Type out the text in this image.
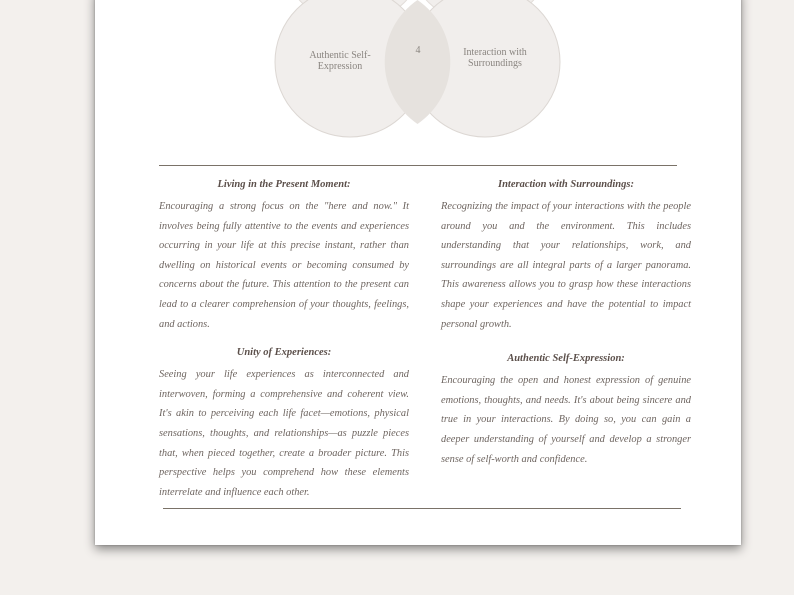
Authentic Self-Expression
4	Interaction with Surroundings

Living in the Present Moment:

Encouraging a strong focus on the "here and now." It involves being fully attentive to the events and experiences occurring in your life at this precise instant, rather than dwelling on historical events or becoming consumed by concerns about the future. This attention to the present can lead to a clearer comprehension of your thoughts, feelings, and actions.

Unity of Experiences:

Seeing your life experiences as interconnected and interwoven, forming a comprehensive and coherent view. It's akin to perceiving each life facet—emotions, physical sensations, thoughts, and relationships—as puzzle pieces that, when pieced together, create a broader picture. This perspective helps you comprehend how these elements interrelate and influence each other.

Interaction with Surroundings:

Recognizing the impact of your interactions with the people around you and the environment. This includes understanding that your relationships, work, and surroundings are all integral parts of a larger panorama. This awareness allows you to grasp how these interactions shape your experiences and have the potential to impact personal growth.

Authentic Self-Expression:

Encouraging the open and honest expression of genuine emotions, thoughts, and needs. It's about being sincere and true in your interactions. By doing so, you can gain a deeper understanding of yourself and develop a stronger sense of self-worth and confidence.
